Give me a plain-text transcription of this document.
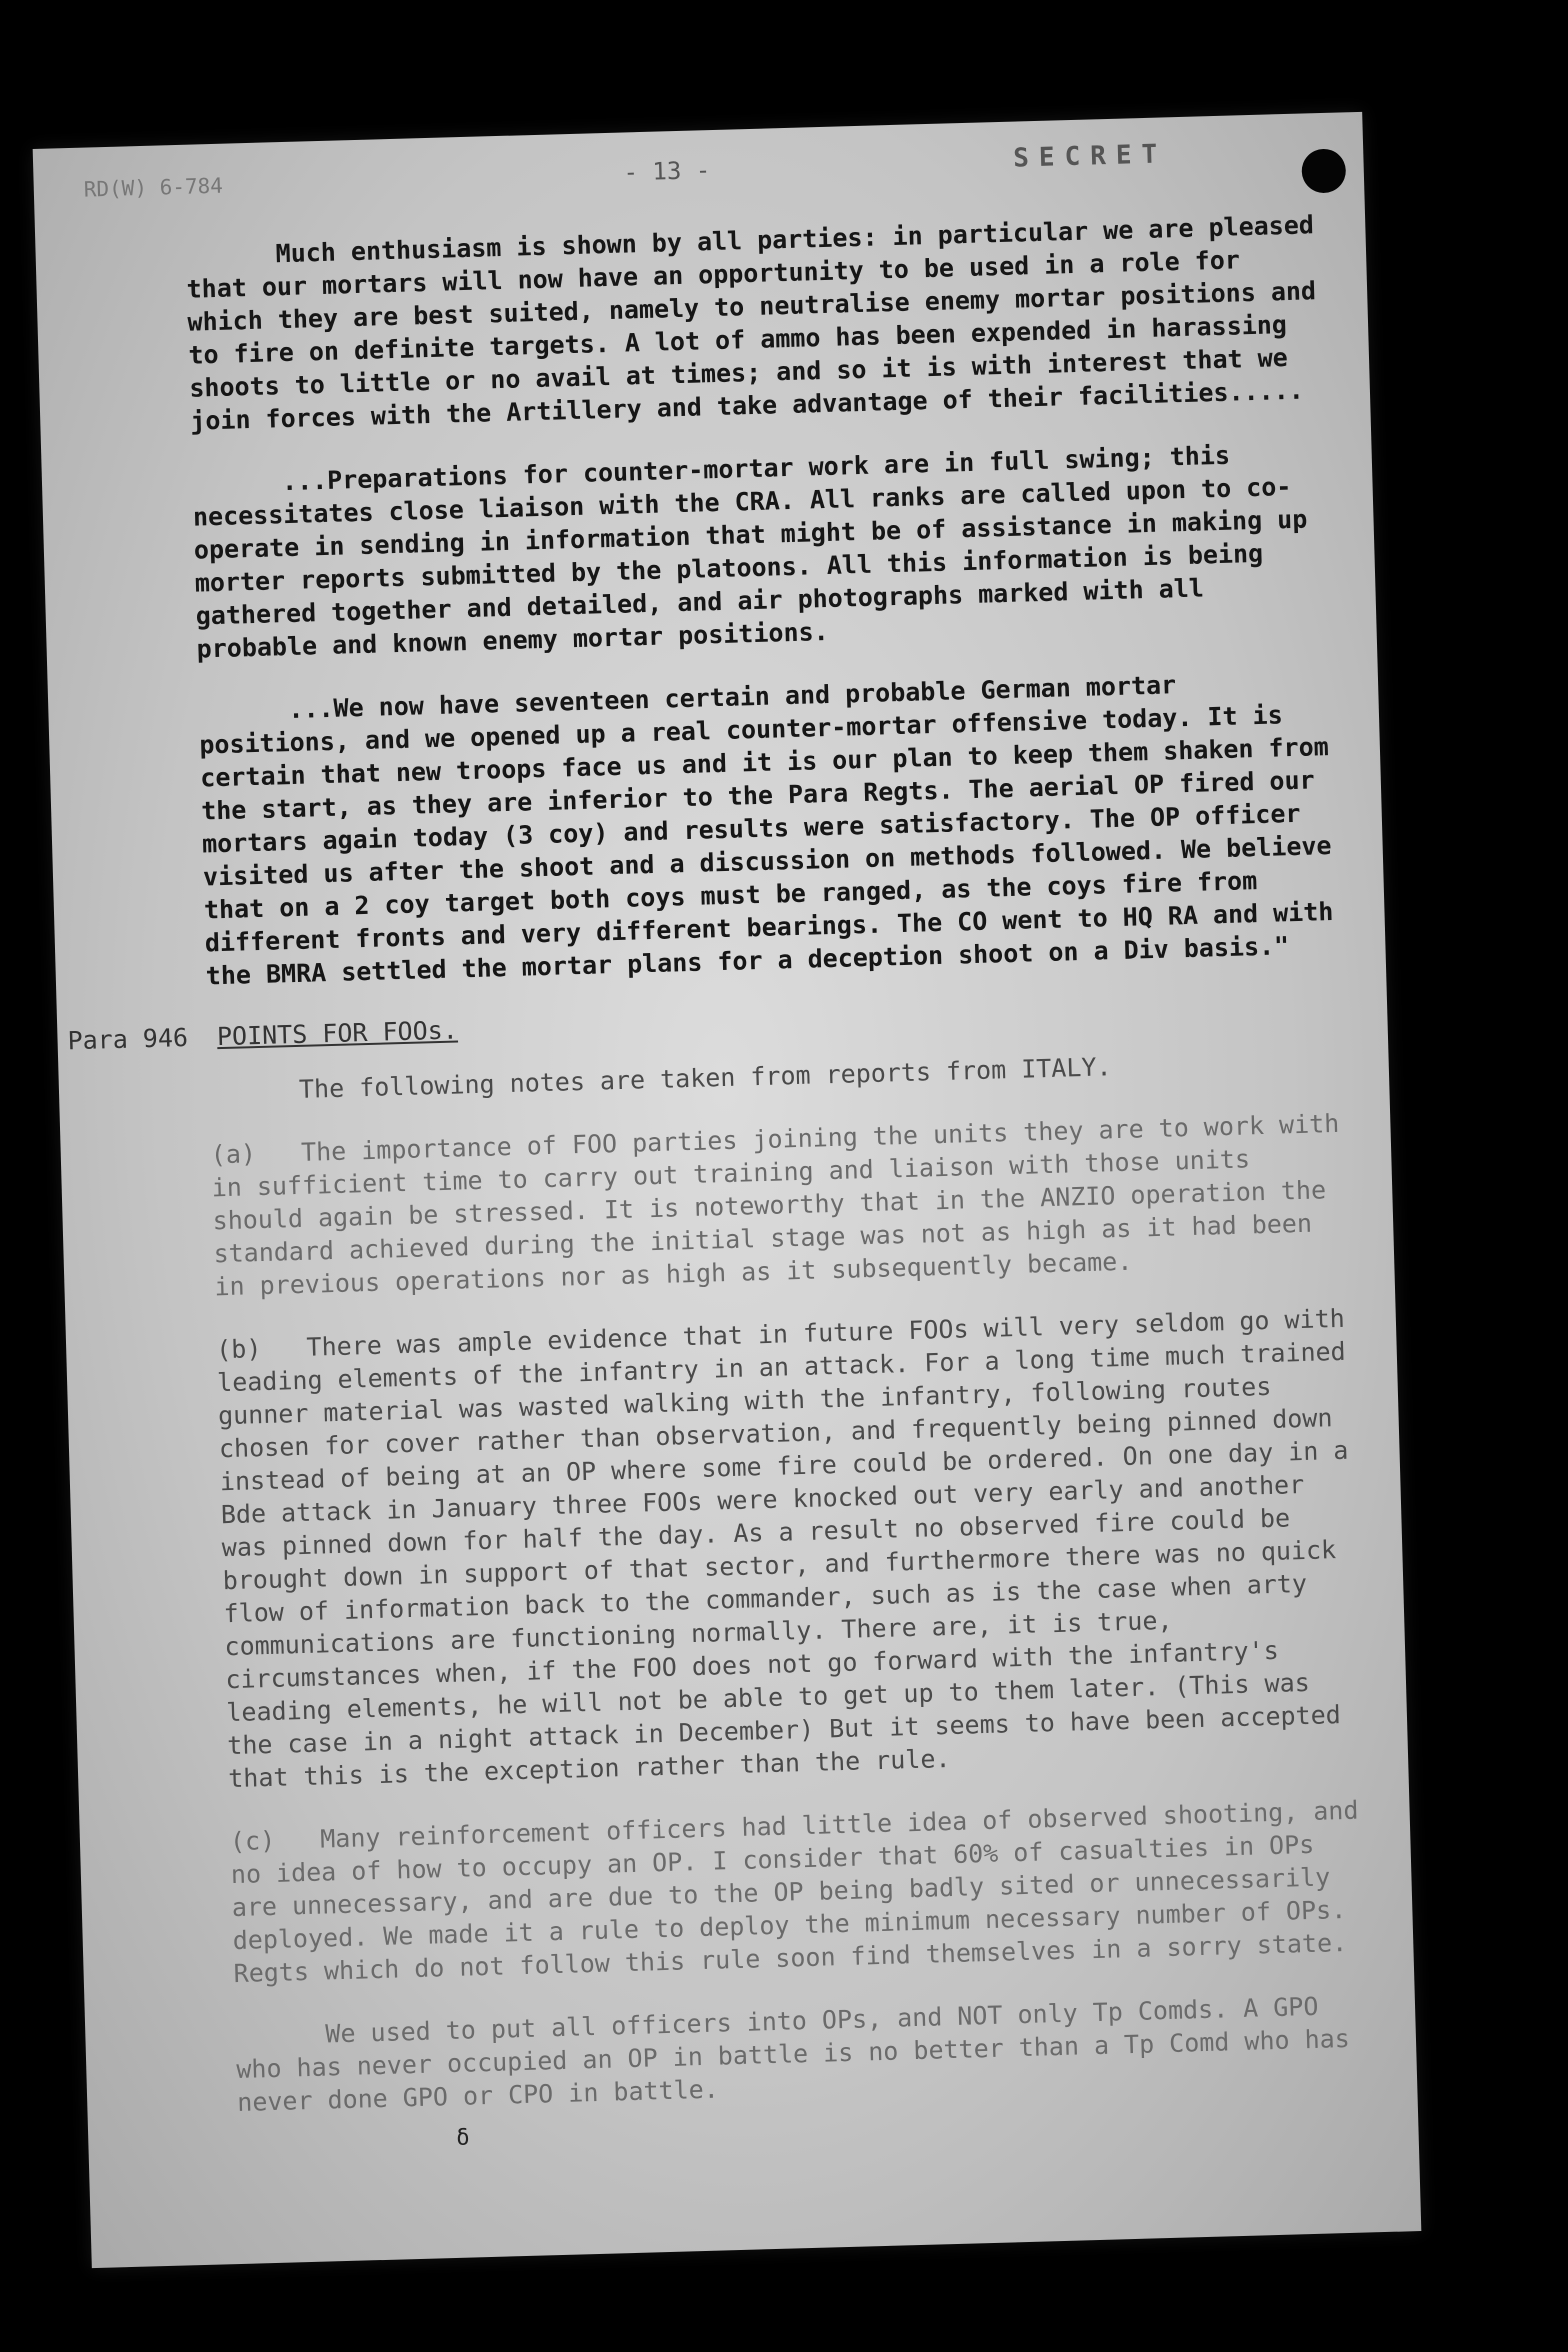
RD(W) 6-784
- 13 -	SECRET

Much enthusiasm is shown by all parties: in particular we are pleased that our mortars will now have an opportunity to be used in a role for which they are best suited, namely to neutralise enemy mortar positions and to fire on definite targets. A lot of ammo has been expended in harassing shoots to little or no avail at times; and so it is with interest that we join forces with the Artillery and take advantage of their facilities.....

...Preparations for counter-mortar work are in full swing; this necessitates close liaison with the CRA. All ranks are called upon to co-operate in sending in information that might be of assistance in making up morter reports submitted by the platoons. All this information is being gathered together and detailed, and air photographs marked with all probable and known enemy mortar positions.

...We now have seventeen certain and probable German mortar positions, and we opened up a real counter-mortar offensive today. It is certain that new troops face us and it is our plan to keep them shaken from the start, as they are inferior to the Para Regts. The aerial OP fired our mortars again today (3 coy) and results were satisfactory. The OP officer visited us after the shoot and a discussion on methods followed. We believe that on a 2 coy target both coys must be ranged, as the coys fire from different fronts and very different bearings. The CO went to HQ RA and with the BMRA settled the mortar plans for a deception shoot on a Div basis."

Para 946 POINTS FOR FOOs.

The following notes are taken from reports from ITALY.

(a)   The importance of FOO parties joining the units they are to work with in sufficient time to carry out training and liaison with those units should again be stressed. It is noteworthy that in the ANZIO operation the standard achieved during the initial stage was not as high as it had been in previous operations nor as high as it subsequently became.

(b)   There was ample evidence that in future FOOs will very seldom go with leading elements of the infantry in an attack. For a long time much trained gunner material was wasted walking with the infantry, following routes chosen for cover rather than observation, and frequently being pinned down instead of being at an OP where some fire could be ordered. On one day in a Bde attack in January three FOOs were knocked out very early and another was pinned down for half the day. As a result no observed fire could be brought down in support of that sector, and furthermore there was no quick flow of information back to the commander, such as is the case when arty communications are functioning normally. There are, it is true, circumstances when, if the FOO does not go forward with the infantry's leading elements, he will not be able to get up to them later. (This was the case in a night attack in December) But it seems to have been accepted that this is the exception rather than the rule.

(c)   Many reinforcement officers had little idea of observed shooting, and no idea of how to occupy an OP. I consider that 60% of casualties in OPs are unnecessary, and are due to the OP being badly sited or unnecessarily deployed. We made it a rule to deploy the minimum necessary number of OPs. Regts which do not follow this rule soon find themselves in a sorry state.

We used to put all officers into OPs, and NOT only Tp Comds. A GPO who has never occupied an OP in battle is no better than a Tp Comd who has never done GPO or CPO in battle.

δ
